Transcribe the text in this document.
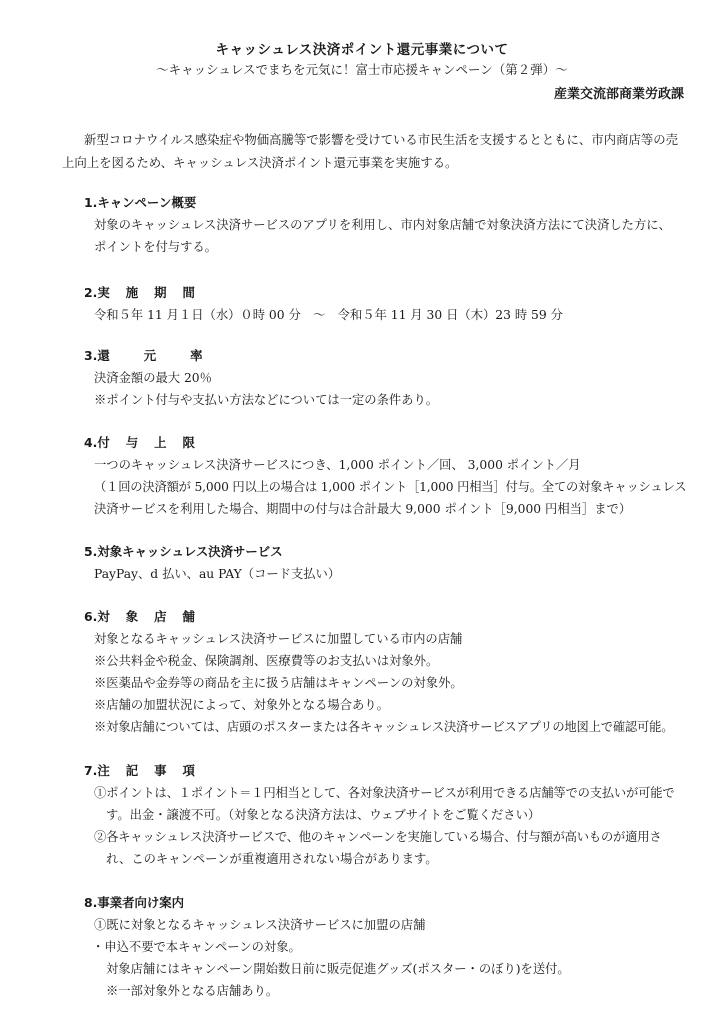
キャッシュレス決済ポイント還元事業について
～キャッシュレスでまちを元気に！富士市応援キャンペーン（第２弾）～
産業交流部商業労政課
新型コロナウイルス感染症や物価高騰等で影響を受けている市民生活を支援するとともに、市内商店等の売
上向上を図るため、キャッシュレス決済ポイント還元事業を実施する。
1.キャンペーン概要
対象のキャッシュレス決済サービスのアプリを利用し、市内対象店舗で対象決済方法にて決済した方に、
ポイントを付与する。
2.実施期間
令和５年 11 月１日（水）０時 00 分　～　令和５年 11 月 30 日（木）23 時 59 分
3.還元率
決済金額の最大 20％
※ポイント付与や支払い方法などについては一定の条件あり。
4.付与上限
一つのキャッシュレス決済サービスにつき、1,000 ポイント／回、 3,000 ポイント／月
（１回の決済額が 5,000 円以上の場合は 1,000 ポイント［1,000 円相当］付与。全ての対象キャッシュレス
決済サービスを利用した場合、期間中の付与は合計最大 9,000 ポイント［9,000 円相当］まで）
5.対象キャッシュレス決済サービス
PayPay、d 払い、au PAY（コード支払い）
6.対象店舗
対象となるキャッシュレス決済サービスに加盟している市内の店舗
※公共料金や税金、保険調剤、医療費等のお支払いは対象外。
※医薬品や金券等の商品を主に扱う店舗はキャンペーンの対象外。
※店舗の加盟状況によって、対象外となる場合あり。
※対象店舗については、店頭のポスターまたは各キャッシュレス決済サービスアプリの地図上で確認可能。
7.注記事項
①ポイントは、１ポイント＝１円相当として、各対象決済サービスが利用できる店舗等での支払いが可能で
す。出金・譲渡不可。（対象となる決済方法は、ウェブサイトをご覧ください）
②各キャッシュレス決済サービスで、他のキャンペーンを実施している場合、付与額が高いものが適用さ
れ、このキャンペーンが重複適用されない場合があります。
8.事業者向け案内
①既に対象となるキャッシュレス決済サービスに加盟の店舗
・申込不要で本キャンペーンの対象。
対象店舗にはキャンペーン開始数日前に販売促進グッズ(ポスター・のぼり)を送付。
※一部対象外となる店舗あり。
